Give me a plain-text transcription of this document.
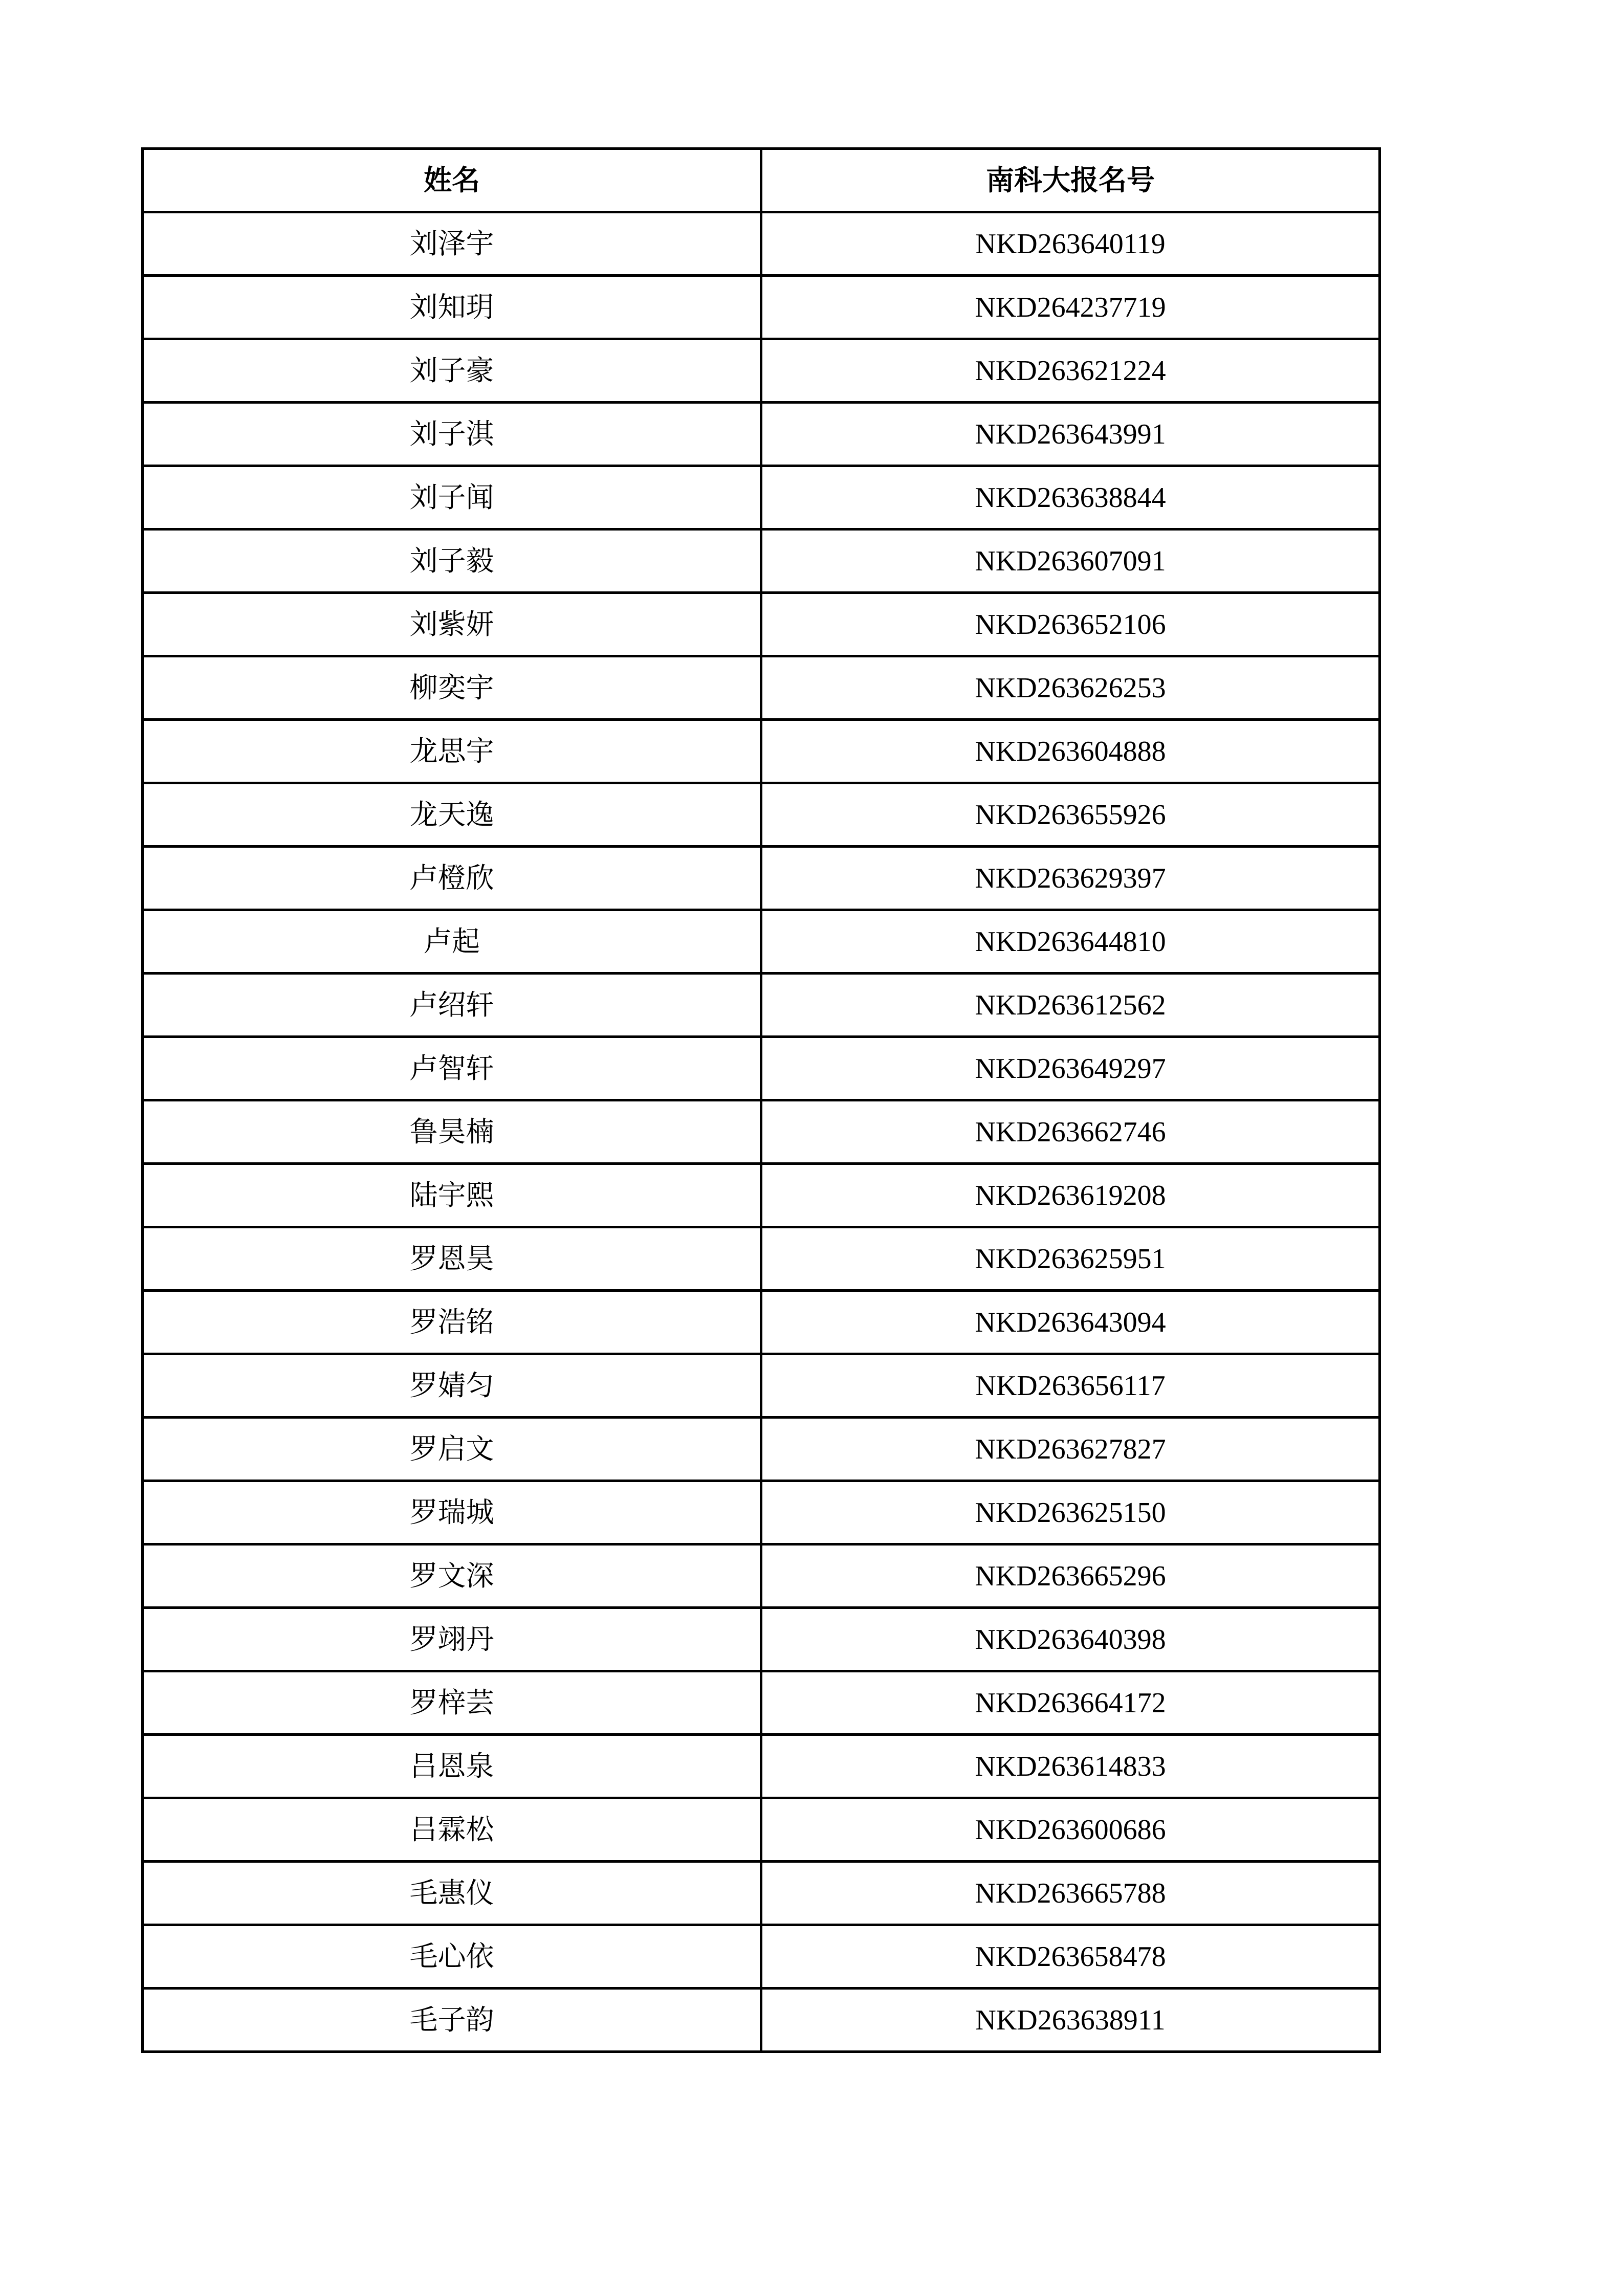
姓名	南科大报名号
刘泽宇	NKD263640119
刘知玥	NKD264237719
刘子豪	NKD263621224
刘子淇	NKD263643991
刘子闻	NKD263638844
刘子毅	NKD263607091
刘紫妍	NKD263652106
柳奕宇	NKD263626253
龙思宇	NKD263604888
龙天逸	NKD263655926
卢橙欣	NKD263629397
卢起	NKD263644810
卢绍轩	NKD263612562
卢智轩	NKD263649297
鲁昊楠	NKD263662746
陆宇熙	NKD263619208
罗恩昊	NKD263625951
罗浩铭	NKD263643094
罗婧匀	NKD263656117
罗启文	NKD263627827
罗瑞城	NKD263625150
罗文深	NKD263665296
罗翊丹	NKD263640398
罗梓芸	NKD263664172
吕恩泉	NKD263614833
吕霖松	NKD263600686
毛惠仪	NKD263665788
毛心依	NKD263658478
毛子韵	NKD263638911
